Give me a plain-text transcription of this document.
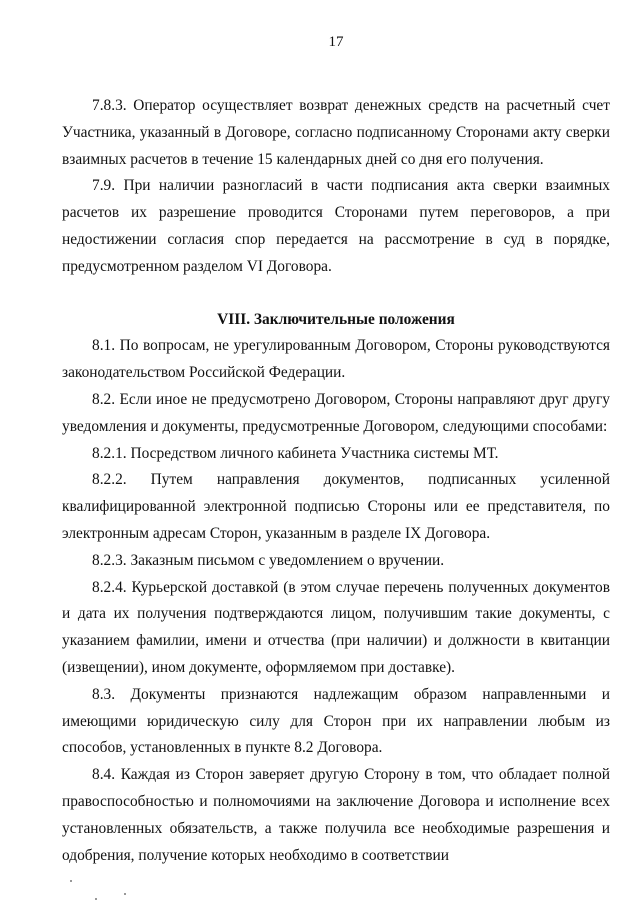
17

7.8.3. Оператор осуществляет возврат денежных средств на расчетный счет Участника, указанный в Договоре, согласно подписанному Сторонами акту сверки взаимных расчетов в течение 15 календарных дней со дня его получения.

7.9. При наличии разногласий в части подписания акта сверки взаимных расчетов их разрешение проводится Сторонами путем переговоров, а при недостижении согласия спор передается на рассмотрение в суд в порядке, предусмотренном разделом VI Договора.

VIII. Заключительные положения

8.1. По вопросам, не урегулированным Договором, Стороны руководствуются законодательством Российской Федерации.

8.2. Если иное не предусмотрено Договором, Стороны направляют друг другу уведомления и документы, предусмотренные Договором, следующими способами:

8.2.1. Посредством личного кабинета Участника системы МТ.

8.2.2. Путем направления документов, подписанных усиленной квалифицированной электронной подписью Стороны или ее представителя, по электронным адресам Сторон, указанным в разделе IX Договора.

8.2.3. Заказным письмом с уведомлением о вручении.

8.2.4. Курьерской доставкой (в этом случае перечень полученных документов и дата их получения подтверждаются лицом, получившим такие документы, с указанием фамилии, имени и отчества (при наличии) и должности в квитанции (извещении), ином документе, оформляемом при доставке).

8.3. Документы признаются надлежащим образом направленными и имеющими юридическую силу для Сторон при их направлении любым из способов, установленных в пункте 8.2 Договора.

8.4. Каждая из Сторон заверяет другую Сторону в том, что обладает полной правоспособностью и полномочиями на заключение Договора и исполнение всех установленных обязательств, а также получила все необходимые разрешения и одобрения, получение которых необходимо в соответствии
